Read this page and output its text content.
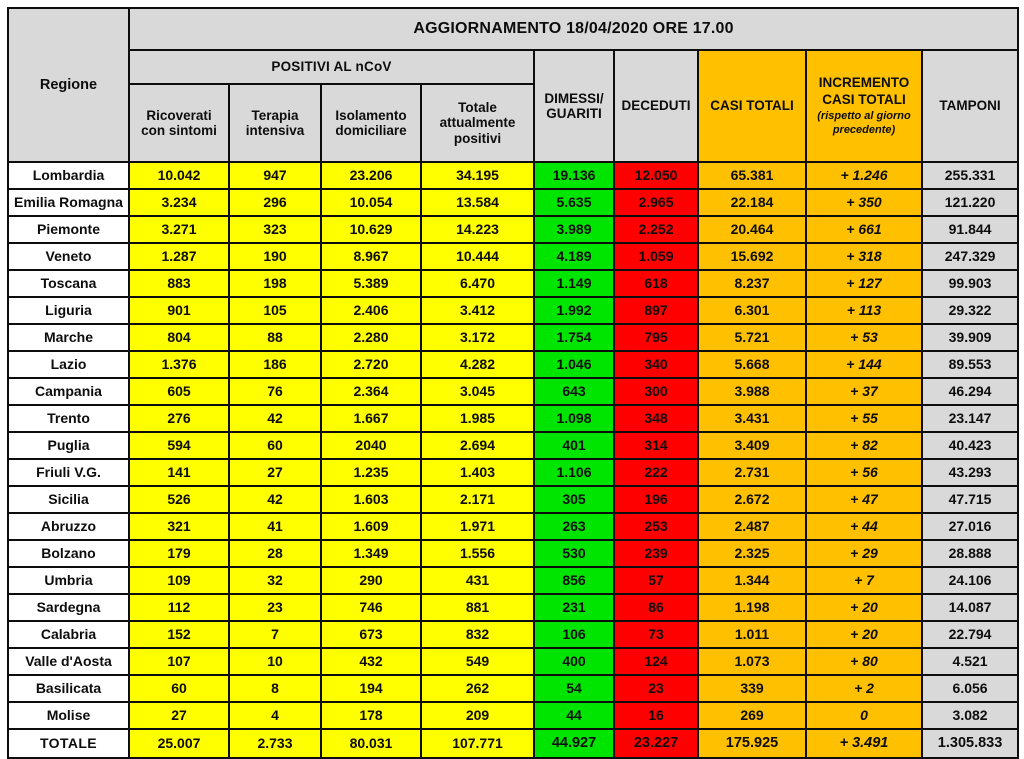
Regione	AGGIORNAMENTO 18/04/2020 ORE 17.00								
	POSITIVI AL nCoV				DIMESSI/
GUARITI	DECEDUTI	CASI TOTALI	INCREMENTO
CASI TOTALI
(rispetto al giorno
precedente)	TAMPONI
	Ricoverati
con sintomi	Terapia
intensiva	Isolamento
domiciliare	Totale
attualmente
positivi					
Lombardia	10.042	947	23.206	34.195	19.136	12.050	65.381	+ 1.246	255.331
Emilia Romagna	3.234	296	10.054	13.584	5.635	2.965	22.184	+ 350	121.220
Piemonte	3.271	323	10.629	14.223	3.989	2.252	20.464	+ 661	91.844
Veneto	1.287	190	8.967	10.444	4.189	1.059	15.692	+ 318	247.329
Toscana	883	198	5.389	6.470	1.149	618	8.237	+ 127	99.903
Liguria	901	105	2.406	3.412	1.992	897	6.301	+ 113	29.322
Marche	804	88	2.280	3.172	1.754	795	5.721	+ 53	39.909
Lazio	1.376	186	2.720	4.282	1.046	340	5.668	+ 144	89.553
Campania	605	76	2.364	3.045	643	300	3.988	+ 37	46.294
Trento	276	42	1.667	1.985	1.098	348	3.431	+ 55	23.147
Puglia	594	60	2040	2.694	401	314	3.409	+ 82	40.423
Friuli V.G.	141	27	1.235	1.403	1.106	222	2.731	+ 56	43.293
Sicilia	526	42	1.603	2.171	305	196	2.672	+ 47	47.715
Abruzzo	321	41	1.609	1.971	263	253	2.487	+ 44	27.016
Bolzano	179	28	1.349	1.556	530	239	2.325	+ 29	28.888
Umbria	109	32	290	431	856	57	1.344	+ 7	24.106
Sardegna	112	23	746	881	231	86	1.198	+ 20	14.087
Calabria	152	7	673	832	106	73	1.011	+ 20	22.794
Valle d'Aosta	107	10	432	549	400	124	1.073	+ 80	4.521
Basilicata	60	8	194	262	54	23	339	+ 2	6.056
Molise	27	4	178	209	44	16	269	0	3.082
TOTALE	25.007	2.733	80.031	107.771	44.927	23.227	175.925	+ 3.491	1.305.833
